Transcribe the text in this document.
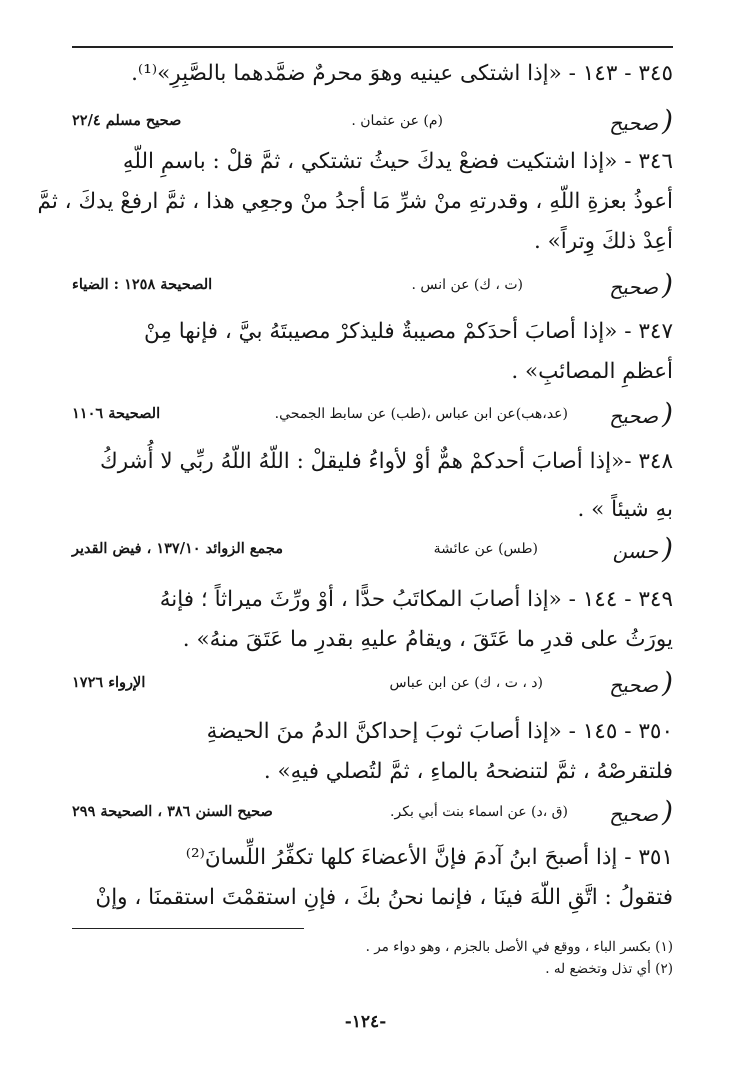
٣٤٥ - ١٤٣ - «إذا اشتكى عينيه وهوَ محرمٌ ضمَّدهما بالصَّبِرِ»⁽¹⁾.
( صحيح
(م) عن عثمان .
صحيح مسلم ٢٢/٤
٣٤٦ - «إذا اشتكيت فضعْ يدكَ حيثُ تشتكي ، ثمَّ قلْ : باسمِ اللّهِ
أعوذُ بعزةِ اللّهِ ، وقدرتهِ منْ شرِّ مَا أجدُ منْ وجعِي هذا ، ثمَّ ارفعْ يدكَ ، ثمَّ
أعِدْ ذلكَ وِتراً» .
( صحيح
(ت ، ك) عن انس .
الصحيحة ١٢٥٨ : الضياء
٣٤٧ - «إذا أصابَ أحدَكمْ مصيبةٌ فليذكرْ مصيبتَهُ بيَّ ، فإنها مِنْ
أعظمِ المصائبِ» .
( صحيح
(عد،هب)عن ابن عباس ،(طب) عن سابط الجمحي.
الصحيحة ١١٠٦
٣٤٨ -«إذا أصابَ أحدكمْ همٌّ أوْ لأواءُ فليقلْ : اللّهُ اللّهُ ربِّي لا أُشركُ
بهِ شيئاً » .
( حسن
(طس) عن عائشة
مجمع الزوائد ١٣٧/١٠ ، فيض القدير
٣٤٩ - ١٤٤ - «إذا أصابَ المكاتَبُ حدًّا ، أوْ ورِّثَ ميراثاً ؛ فإنهُ
يورَثُ على قدرِ ما عَتَقَ ، ويقامُ عليهِ بقدرِ ما عَتَقَ منهُ» .
( صحيح
(د ، ت ، ك) عن ابن عباس
الإرواء ١٧٢٦
٣٥٠ - ١٤٥ - «إذا أصابَ ثوبَ إحداكنَّ الدمُ منَ الحيضةِ
فلتقرصْهُ ، ثمَّ لتنضحهُ بالماءِ ، ثمَّ لتُصلي فيهِ» .
( صحيح
(ق ،د) عن اسماء بنت أبي بكر.
صحيح السنن ٣٨٦ ، الصحيحة ٢٩٩
٣٥١ - إذا أصبحَ ابنُ آدمَ فإنَّ الأعضاءَ كلها تكفِّرُ اللِّسانَ⁽²⁾
فتقولُ : اتَّقِ اللّهَ فينَا ، فإنما نحنُ بكَ ، فإنِ استقمْتَ استقمنَا ، وإنْ
(١) بكسر الباء ، ووقع في الأصل بالجزم ، وهو دواء مر .
(٢) أي تذل وتخضع له .
-١٢٤-
